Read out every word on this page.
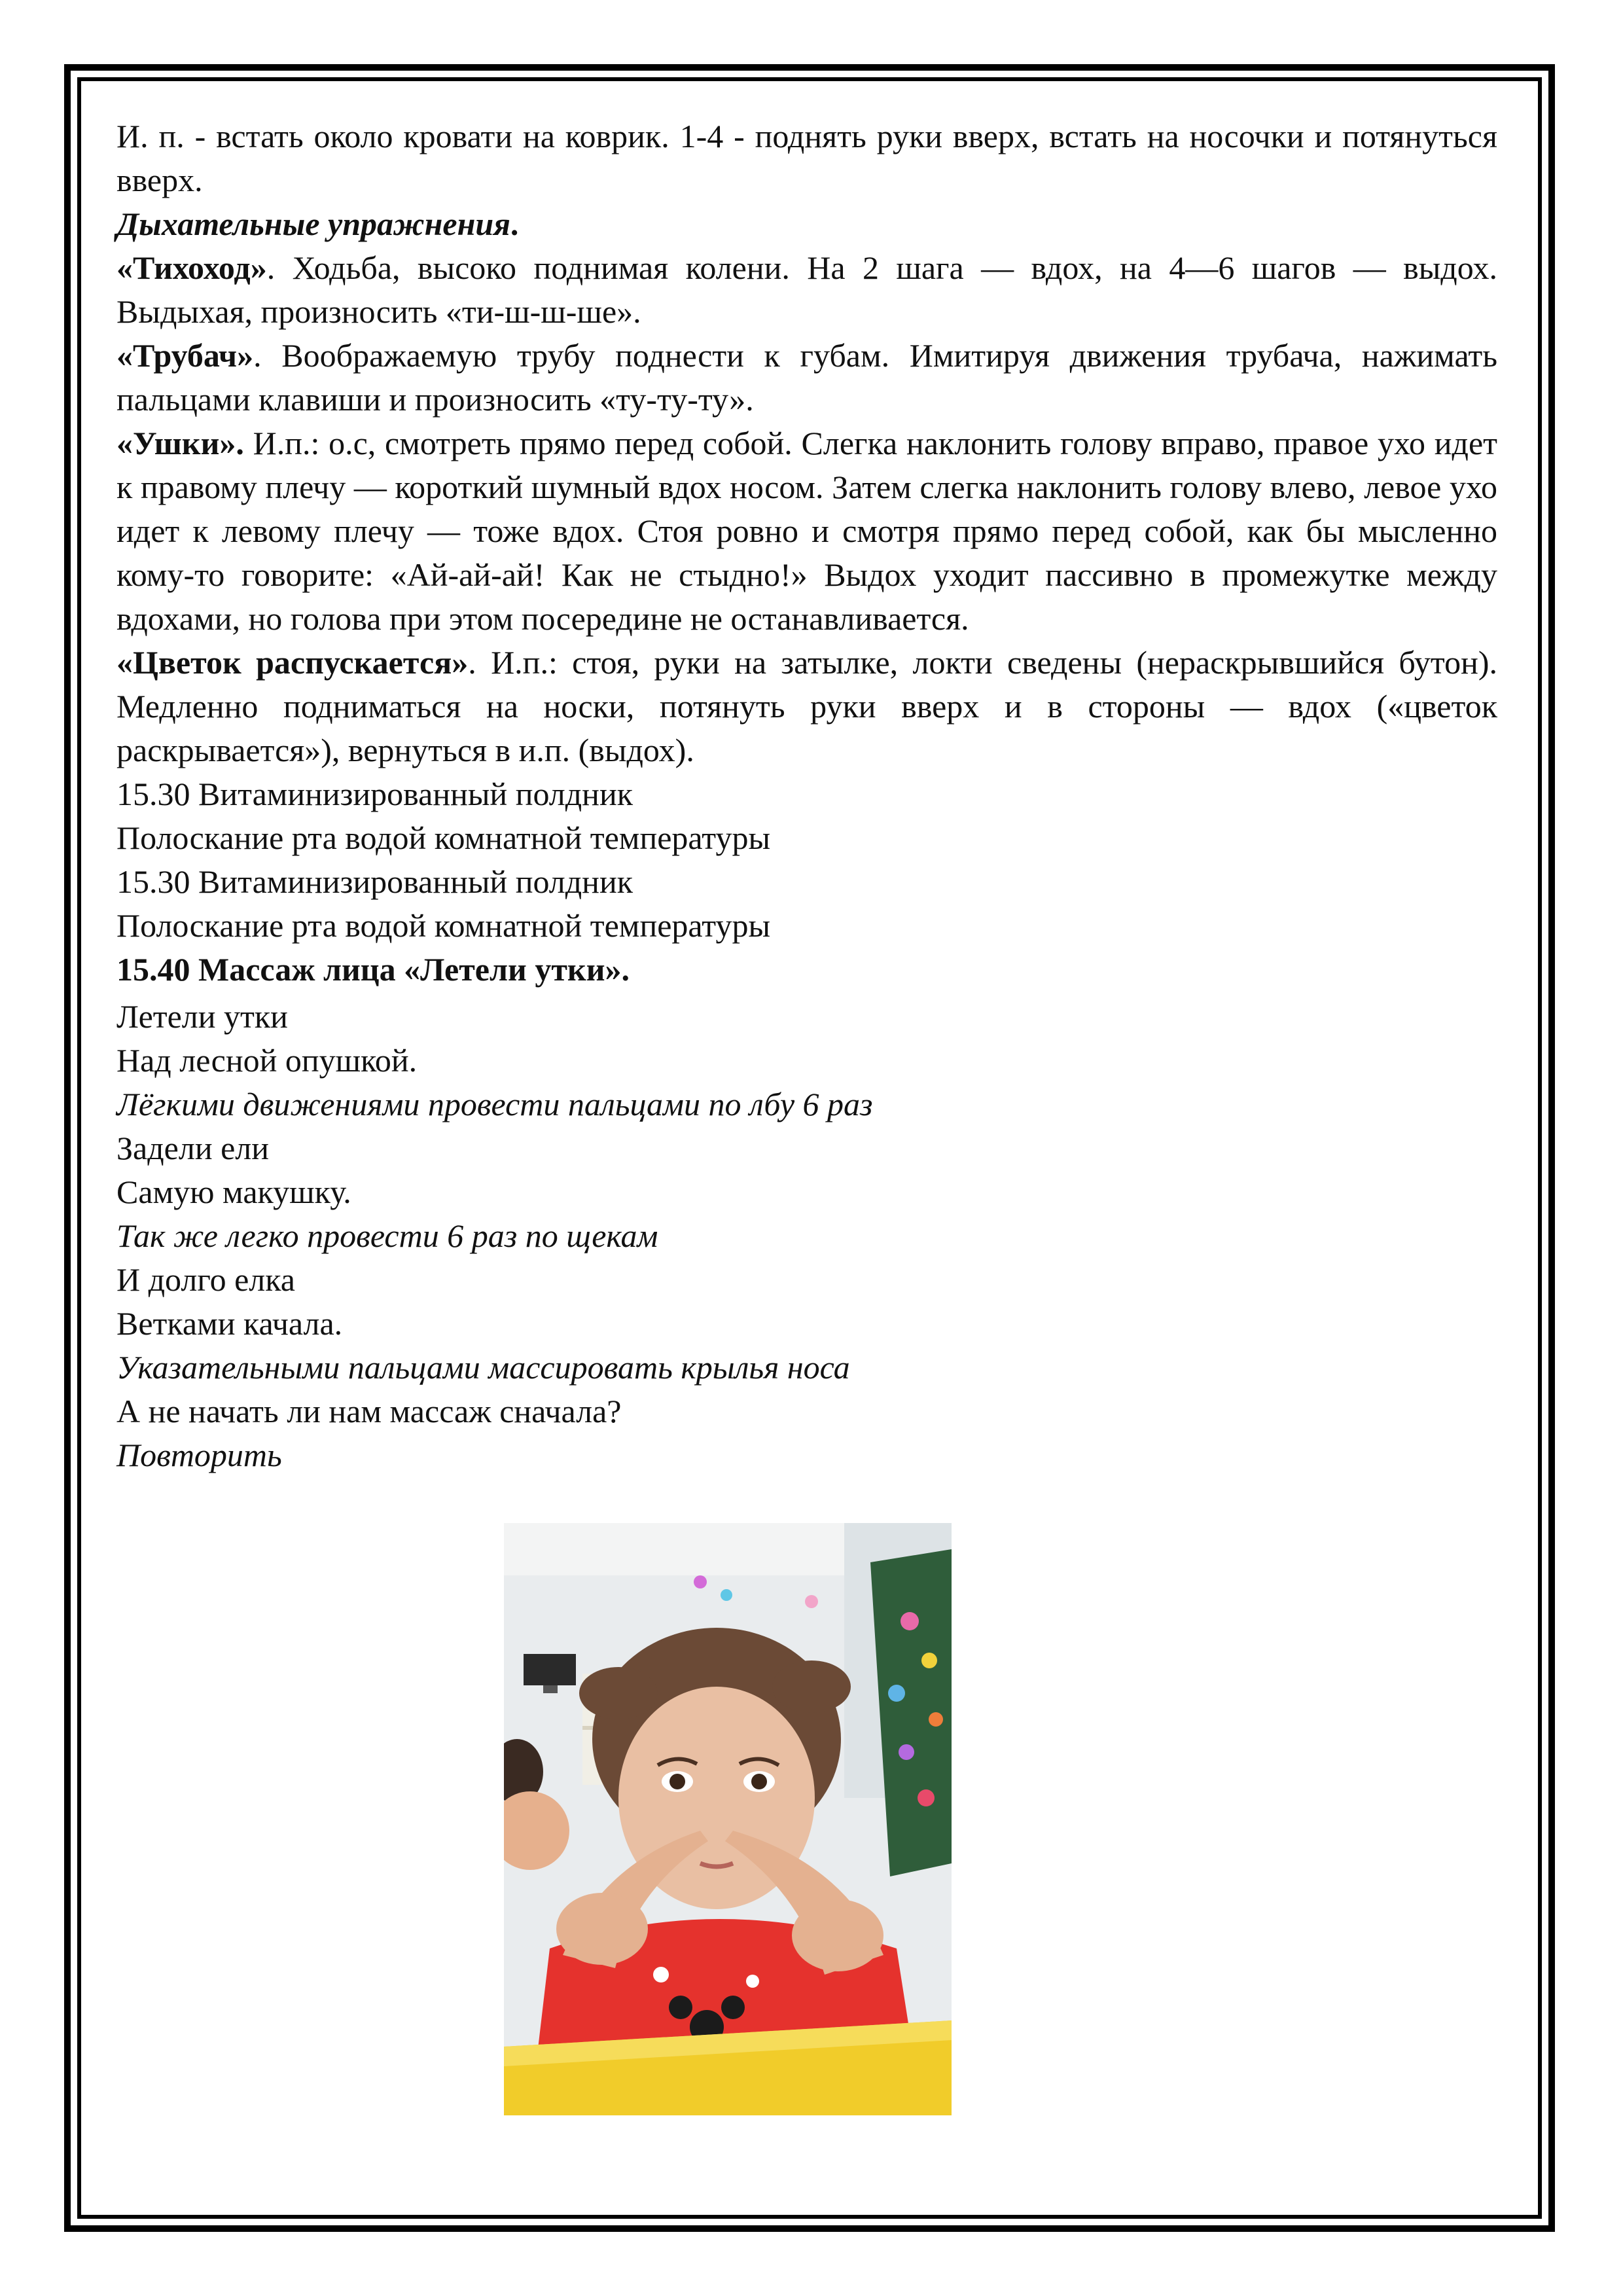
И. п. - встать около кровати на коврик. 1-4 - поднять руки вверх, встать на носочки и потянуться вверх.

Дыхательные упражнения.

«Тихоход». Ходьба, высоко поднимая колени. На 2 шага — вдох, на 4—6 шагов — выдох. Выдыхая, произносить «ти-ш-ш-ше».

«Трубач». Воображаемую трубу поднести к губам. Имитируя движения трубача, нажимать пальцами клавиши и произносить «ту-ту-ту».

«Ушки». И.п.: о.с, смотреть прямо перед собой. Слегка наклонить голову вправо, правое ухо идет к правому плечу — короткий шумный вдох носом. Затем слегка наклонить голову влево, левое ухо идет к левому плечу — тоже вдох. Стоя ровно и смотря прямо перед собой, как бы мысленно кому-то говорите: «Ай-ай-ай! Как не стыдно!» Выдох уходит пассивно в промежутке между вдохами, но голова при этом посередине не останавливается.

«Цветок распускается». И.п.: стоя, руки на затылке, локти сведены (нераскрывшийся бутон). Медленно подниматься на носки, потянуть руки вверх и в стороны — вдох («цветок раскрывается»), вернуться в и.п. (выдох).

15.30 Витаминизированный полдник

Полоскание рта водой комнатной температуры

15.30 Витаминизированный полдник

Полоскание рта водой комнатной температуры

15.40 Массаж лица «Летели утки».

Летели утки
Над лесной опушкой.
Лёгкими движениями провести пальцами по лбу 6 раз
Задели ели
Самую макушку.
Так же легко провести 6 раз по щекам
И долго елка
Ветками качала.
Указательными пальцами массировать крылья носа
А не начать ли нам массаж сначала?
Повторить
